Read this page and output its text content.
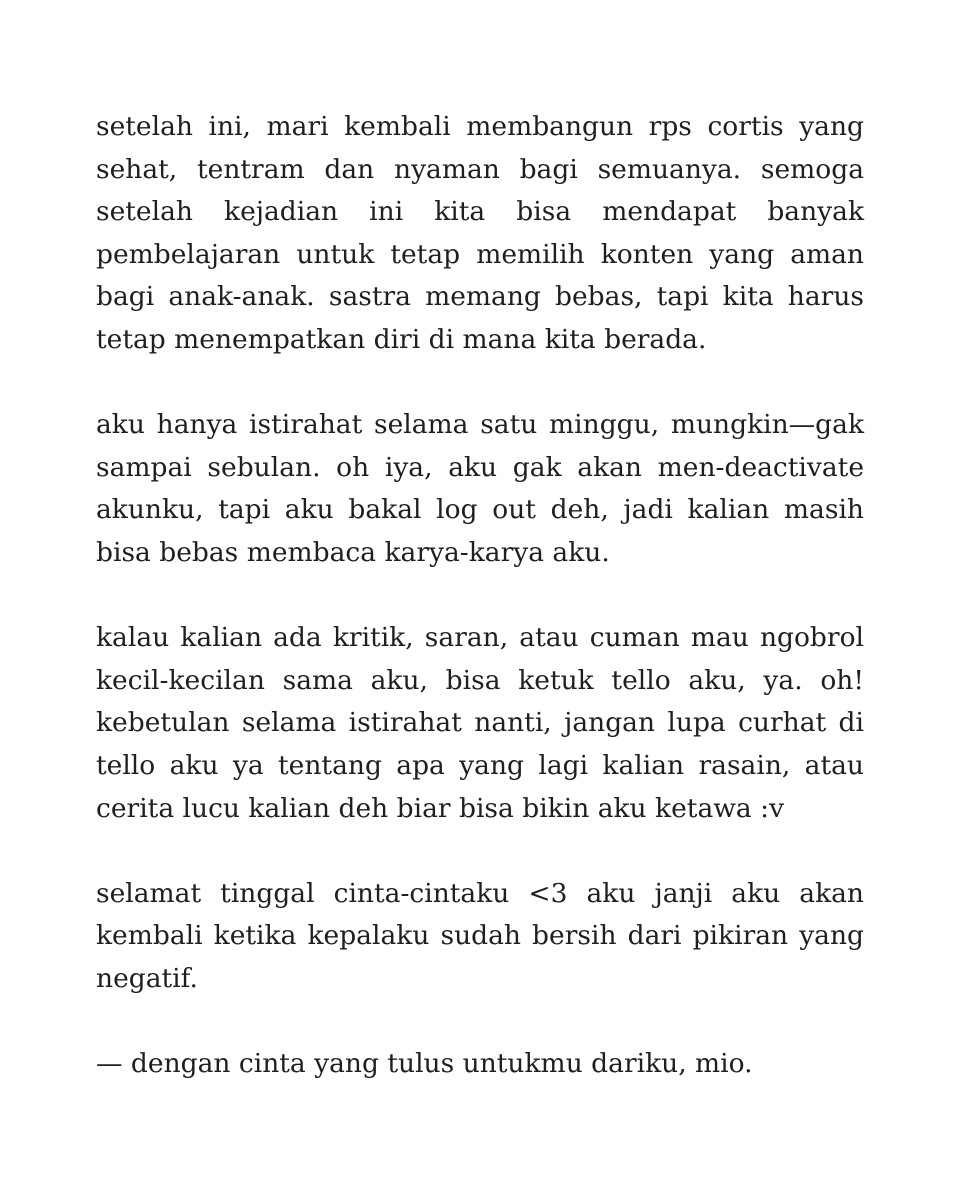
setelah ini, mari kembali membangun rps cortis yang sehat, tentram dan nyaman bagi semuanya. semoga setelah kejadian ini kita bisa mendapat banyak pembelajaran untuk tetap memilih konten yang aman bagi anak-anak. sastra memang bebas, tapi kita harus tetap menempatkan diri di mana kita berada.

aku hanya istirahat selama satu minggu, mungkin—gak sampai sebulan. oh iya, aku gak akan men-deactivate akunku, tapi aku bakal log out deh, jadi kalian masih bisa bebas membaca karya-karya aku.

kalau kalian ada kritik, saran, atau cuman mau ngobrol kecil-kecilan sama aku, bisa ketuk tello aku, ya. oh! kebetulan selama istirahat nanti, jangan lupa curhat di tello aku ya tentang apa yang lagi kalian rasain, atau cerita lucu kalian deh biar bisa bikin aku ketawa :v

selamat tinggal cinta-cintaku <3 aku janji aku akan kembali ketika kepalaku sudah bersih dari pikiran yang negatif.

— dengan cinta yang tulus untukmu dariku, mio.
